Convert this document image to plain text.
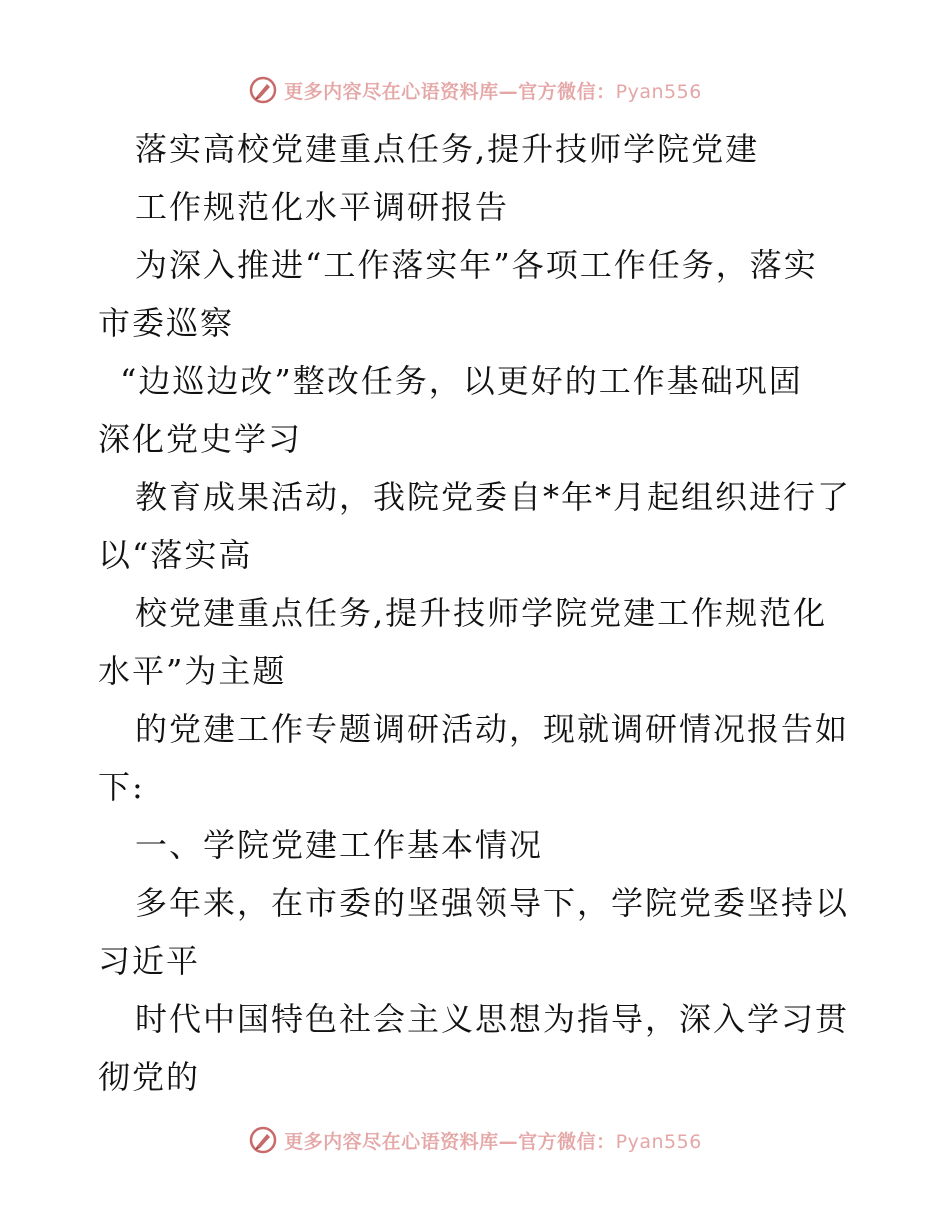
更多内容尽在心语资料库—官方微信：Pyan556
落实高校党建重点任务,提升技师学院党建
工作规范化水平调研报告
为深入推进“工作落实年”各项工作任务，落实
市委巡察
“边巡边改”整改任务，以更好的工作基础巩固
深化党史学习
教育成果活动，我院党委自*年*月起组织进行了
以“落实高
校党建重点任务,提升技师学院党建工作规范化
水平”为主题
的党建工作专题调研活动，现就调研情况报告如
下:
一、学院党建工作基本情况
多年来，在市委的坚强领导下，学院党委坚持以
习近平
时代中国特色社会主义思想为指导，深入学习贯
彻党的
更多内容尽在心语资料库—官方微信：Pyan556
